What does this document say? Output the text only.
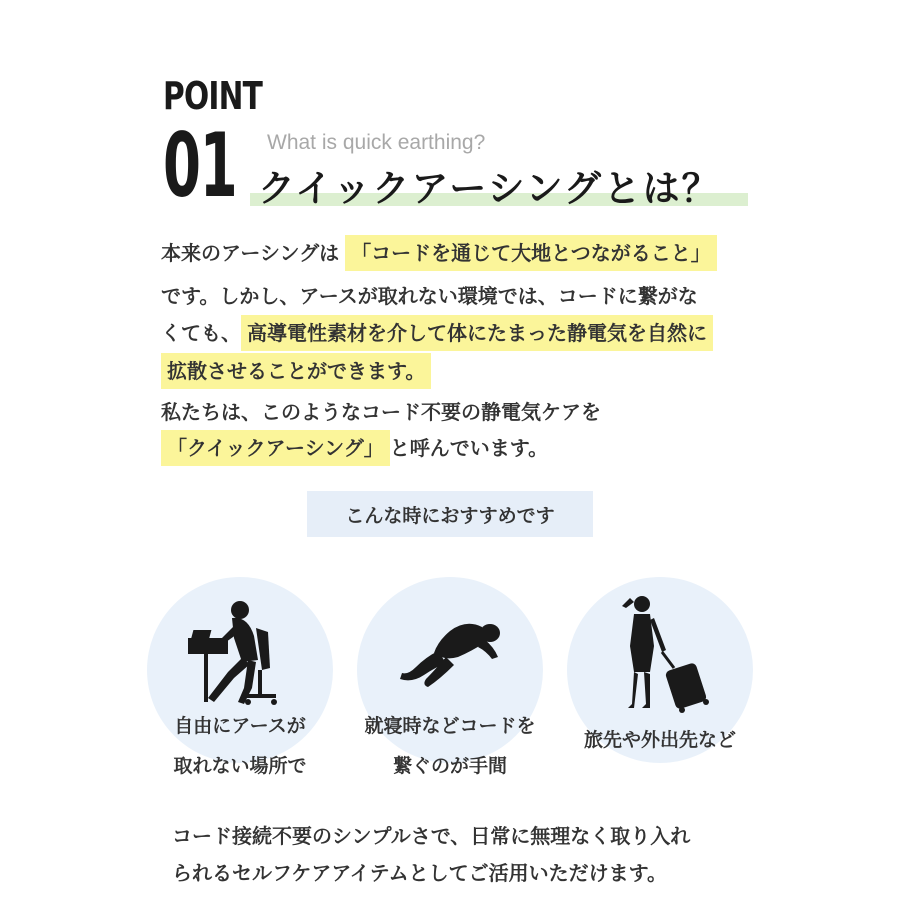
POINT
01 What is quick earthing?
クイックアーシングとは？
本来のアーシングは 「コードを通じて大地とつながること」
です。しかし、アースが取れない環境では、コードに繋がな
くても、 高導電性素材を介して体にたまった静電気を自然に
拡散させることができます。
私たちは、このようなコード不要の静電気ケアを
「クイックアーシング」 と呼んでいます。
こんな時におすすめです
自由にアースが
取れない場所で
就寝時などコードを
繋ぐのが手間
旅先や外出先など
コード接続不要のシンプルさで、日常に無理なく取り入れ
られるセルフケアアイテムとしてご活用いただけます。
